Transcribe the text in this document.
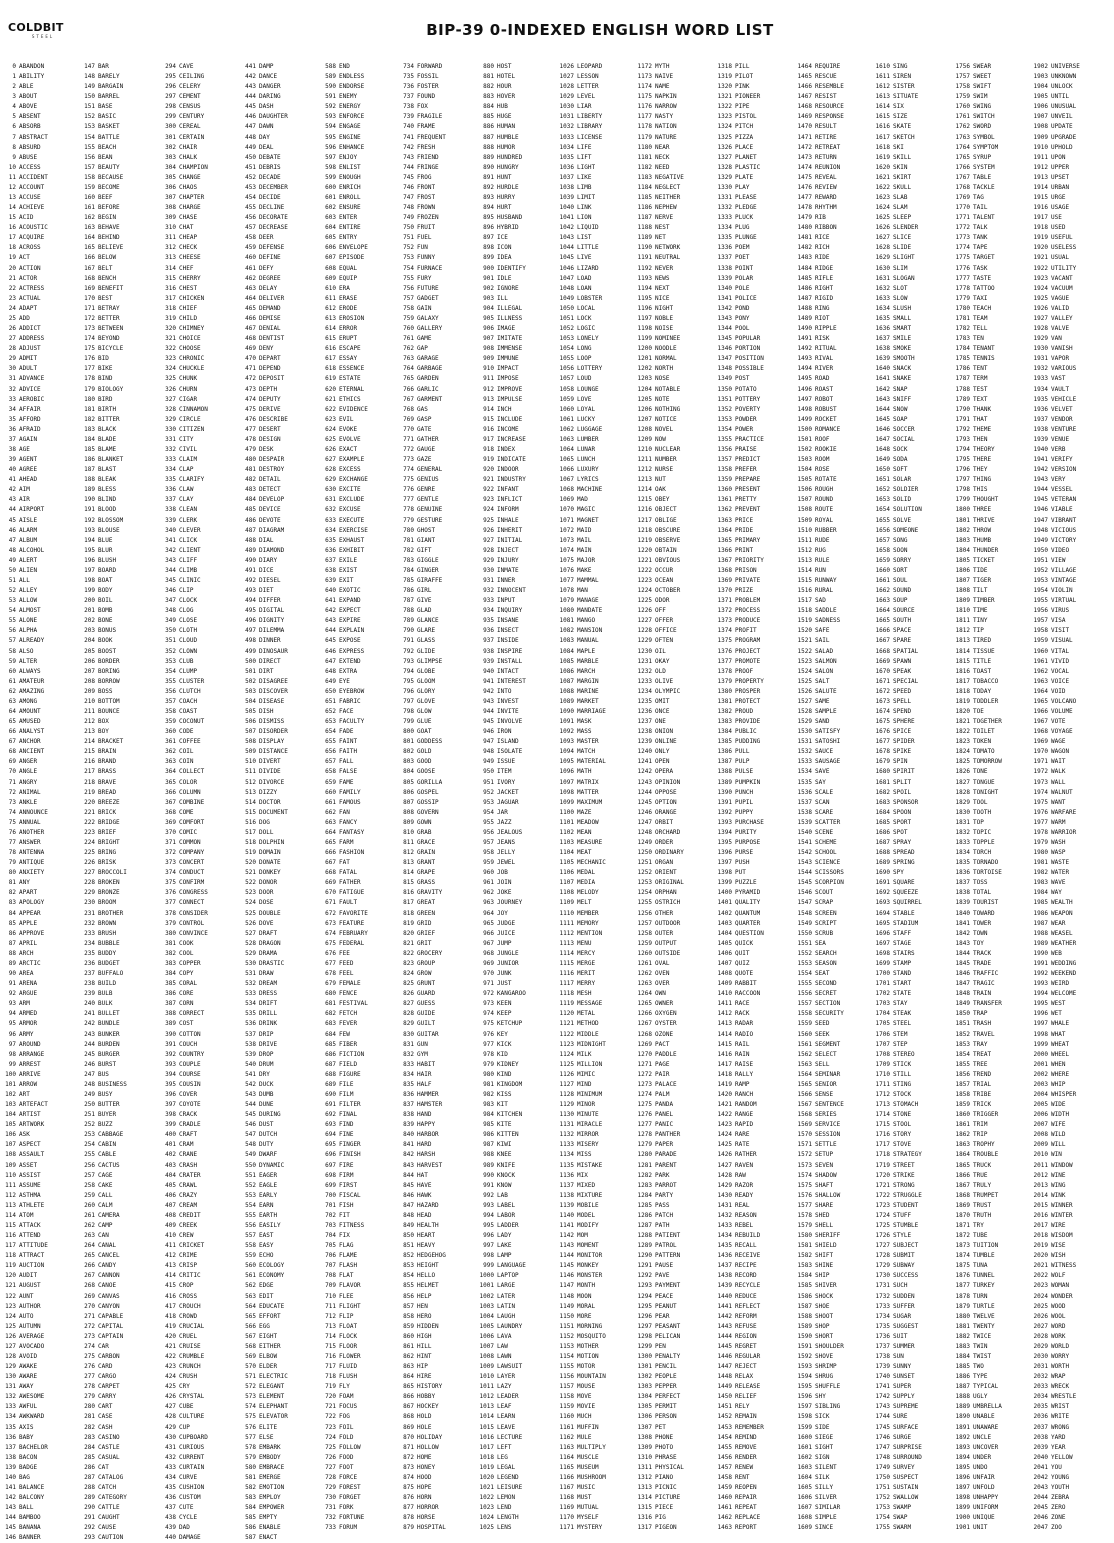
COLDBIT
STEEL	BIP-39 0-INDEXED ENGLISH WORD LIST
0 ABANDON
1 ABILITY
2 ABLE
3 ABOUT
4 ABOVE
5 ABSENT
6 ABSORB
7 ABSTRACT
8 ABSURD
9 ABUSE
10 ACCESS
11 ACCIDENT
12 ACCOUNT
13 ACCUSE
14 ACHIEVE
15 ACID
16 ACOUSTIC
17 ACQUIRE
18 ACROSS
19 ACT
20 ACTION
21 ACTOR
22 ACTRESS
23 ACTUAL
24 ADAPT
25 ADD
26 ADDICT
27 ADDRESS
28 ADJUST
29 ADMIT
30 ADULT
31 ADVANCE
32 ADVICE
33 AEROBIC
34 AFFAIR
35 AFFORD
36 AFRAID
37 AGAIN
38 AGE
39 AGENT
40 AGREE
41 AHEAD
42 AIM
43 AIR
44 AIRPORT
45 AISLE
46 ALARM
47 ALBUM
48 ALCOHOL
49 ALERT
50 ALIEN
51 ALL
52 ALLEY
53 ALLOW
54 ALMOST
55 ALONE
56 ALPHA
57 ALREADY
58 ALSO
59 ALTER
60 ALWAYS
61 AMATEUR
62 AMAZING
63 AMONG
64 AMOUNT
65 AMUSED
66 ANALYST
67 ANCHOR
68 ANCIENT
69 ANGER
70 ANGLE
71 ANGRY
72 ANIMAL
73 ANKLE
74 ANNOUNCE
75 ANNUAL
76 ANOTHER
77 ANSWER
78 ANTENNA
79 ANTIQUE
80 ANXIETY
81 ANY
82 APART
83 APOLOGY
84 APPEAR
85 APPLE
86 APPROVE
87 APRIL
88 ARCH
89 ARCTIC
90 AREA
91 ARENA
92 ARGUE
93 ARM
94 ARMED
95 ARMOR
96 ARMY
97 AROUND
98 ARRANGE
99 ARREST
100 ARRIVE
101 ARROW
102 ART
103 ARTEFACT
104 ARTIST
105 ARTWORK
106 ASK
107 ASPECT
108 ASSAULT
109 ASSET
110 ASSIST
111 ASSUME
112 ASTHMA
113 ATHLETE
114 ATOM
115 ATTACK
116 ATTEND
117 ATTITUDE
118 ATTRACT
119 AUCTION
120 AUDIT
121 AUGUST
122 AUNT
123 AUTHOR
124 AUTO
125 AUTUMN
126 AVERAGE
127 AVOCADO
128 AVOID
129 AWAKE
130 AWARE
131 AWAY
132 AWESOME
133 AWFUL
134 AWKWARD
135 AXIS
136 BABY
137 BACHELOR
138 BACON
139 BADGE
140 BAG
141 BALANCE
142 BALCONY
143 BALL
144 BAMBOO
145 BANANA
146 BANNER
147 BAR
148 BARELY
149 BARGAIN
150 BARREL
151 BASE
152 BASIC
153 BASKET
154 BATTLE
155 BEACH
156 BEAN
157 BEAUTY
158 BECAUSE
159 BECOME
160 BEEF
161 BEFORE
162 BEGIN
163 BEHAVE
164 BEHIND
165 BELIEVE
166 BELOW
167 BELT
168 BENCH
169 BENEFIT
170 BEST
171 BETRAY
172 BETTER
173 BETWEEN
174 BEYOND
175 BICYCLE
176 BID
177 BIKE
178 BIND
179 BIOLOGY
180 BIRD
181 BIRTH
182 BITTER
183 BLACK
184 BLADE
185 BLAME
186 BLANKET
187 BLAST
188 BLEAK
189 BLESS
190 BLIND
191 BLOOD
192 BLOSSOM
193 BLOUSE
194 BLUE
195 BLUR
196 BLUSH
197 BOARD
198 BOAT
199 BODY
200 BOIL
201 BOMB
202 BONE
203 BONUS
204 BOOK
205 BOOST
206 BORDER
207 BORING
208 BORROW
209 BOSS
210 BOTTOM
211 BOUNCE
212 BOX
213 BOY
214 BRACKET
215 BRAIN
216 BRAND
217 BRASS
218 BRAVE
219 BREAD
220 BREEZE
221 BRICK
222 BRIDGE
223 BRIEF
224 BRIGHT
225 BRING
226 BRISK
227 BROCCOLI
228 BROKEN
229 BRONZE
230 BROOM
231 BROTHER
232 BROWN
233 BRUSH
234 BUBBLE
235 BUDDY
236 BUDGET
237 BUFFALO
238 BUILD
239 BULB
240 BULK
241 BULLET
242 BUNDLE
243 BUNKER
244 BURDEN
245 BURGER
246 BURST
247 BUS
248 BUSINESS
249 BUSY
250 BUTTER
251 BUYER
252 BUZZ
253 CABBAGE
254 CABIN
255 CABLE
256 CACTUS
257 CAGE
258 CAKE
259 CALL
260 CALM
261 CAMERA
262 CAMP
263 CAN
264 CANAL
265 CANCEL
266 CANDY
267 CANNON
268 CANOE
269 CANVAS
270 CANYON
271 CAPABLE
272 CAPITAL
273 CAPTAIN
274 CAR
275 CARBON
276 CARD
277 CARGO
278 CARPET
279 CARRY
280 CART
281 CASE
282 CASH
283 CASINO
284 CASTLE
285 CASUAL
286 CAT
287 CATALOG
288 CATCH
289 CATEGORY
290 CATTLE
291 CAUGHT
292 CAUSE
293 CAUTION
294 CAVE
295 CEILING
296 CELERY
297 CEMENT
298 CENSUS
299 CENTURY
300 CEREAL
301 CERTAIN
302 CHAIR
303 CHALK
304 CHAMPION
305 CHANGE
306 CHAOS
307 CHAPTER
308 CHARGE
309 CHASE
310 CHAT
311 CHEAP
312 CHECK
313 CHEESE
314 CHEF
315 CHERRY
316 CHEST
317 CHICKEN
318 CHIEF
319 CHILD
320 CHIMNEY
321 CHOICE
322 CHOOSE
323 CHRONIC
324 CHUCKLE
325 CHUNK
326 CHURN
327 CIGAR
328 CINNAMON
329 CIRCLE
330 CITIZEN
331 CITY
332 CIVIL
333 CLAIM
334 CLAP
335 CLARIFY
336 CLAW
337 CLAY
338 CLEAN
339 CLERK
340 CLEVER
341 CLICK
342 CLIENT
343 CLIFF
344 CLIMB
345 CLINIC
346 CLIP
347 CLOCK
348 CLOG
349 CLOSE
350 CLOTH
351 CLOUD
352 CLOWN
353 CLUB
354 CLUMP
355 CLUSTER
356 CLUTCH
357 COACH
358 COAST
359 COCONUT
360 CODE
361 COFFEE
362 COIL
363 COIN
364 COLLECT
365 COLOR
366 COLUMN
367 COMBINE
368 COME
369 COMFORT
370 COMIC
371 COMMON
372 COMPANY
373 CONCERT
374 CONDUCT
375 CONFIRM
376 CONGRESS
377 CONNECT
378 CONSIDER
379 CONTROL
380 CONVINCE
381 COOK
382 COOL
383 COPPER
384 COPY
385 CORAL
386 CORE
387 CORN
388 CORRECT
389 COST
390 COTTON
391 COUCH
392 COUNTRY
393 COUPLE
394 COURSE
395 COUSIN
396 COVER
397 COYOTE
398 CRACK
399 CRADLE
400 CRAFT
401 CRAM
402 CRANE
403 CRASH
404 CRATER
405 CRAWL
406 CRAZY
407 CREAM
408 CREDIT
409 CREEK
410 CREW
411 CRICKET
412 CRIME
413 CRISP
414 CRITIC
415 CROP
416 CROSS
417 CROUCH
418 CROWD
419 CRUCIAL
420 CRUEL
421 CRUISE
422 CRUMBLE
423 CRUNCH
424 CRUSH
425 CRY
426 CRYSTAL
427 CUBE
428 CULTURE
429 CUP
430 CUPBOARD
431 CURIOUS
432 CURRENT
433 CURTAIN
434 CURVE
435 CUSHION
436 CUSTOM
437 CUTE
438 CYCLE
439 DAD
440 DAMAGE
441 DAMP
442 DANCE
443 DANGER
444 DARING
445 DASH
446 DAUGHTER
447 DAWN
448 DAY
449 DEAL
450 DEBATE
451 DEBRIS
452 DECADE
453 DECEMBER
454 DECIDE
455 DECLINE
456 DECORATE
457 DECREASE
458 DEER
459 DEFENSE
460 DEFINE
461 DEFY
462 DEGREE
463 DELAY
464 DELIVER
465 DEMAND
466 DEMISE
467 DENIAL
468 DENTIST
469 DENY
470 DEPART
471 DEPEND
472 DEPOSIT
473 DEPTH
474 DEPUTY
475 DERIVE
476 DESCRIBE
477 DESERT
478 DESIGN
479 DESK
480 DESPAIR
481 DESTROY
482 DETAIL
483 DETECT
484 DEVELOP
485 DEVICE
486 DEVOTE
487 DIAGRAM
488 DIAL
489 DIAMOND
490 DIARY
491 DICE
492 DIESEL
493 DIET
494 DIFFER
495 DIGITAL
496 DIGNITY
497 DILEMMA
498 DINNER
499 DINOSAUR
500 DIRECT
501 DIRT
502 DISAGREE
503 DISCOVER
504 DISEASE
505 DISH
506 DISMISS
507 DISORDER
508 DISPLAY
509 DISTANCE
510 DIVERT
511 DIVIDE
512 DIVORCE
513 DIZZY
514 DOCTOR
515 DOCUMENT
516 DOG
517 DOLL
518 DOLPHIN
519 DOMAIN
520 DONATE
521 DONKEY
522 DONOR
523 DOOR
524 DOSE
525 DOUBLE
526 DOVE
527 DRAFT
528 DRAGON
529 DRAMA
530 DRASTIC
531 DRAW
532 DREAM
533 DRESS
534 DRIFT
535 DRILL
536 DRINK
537 DRIP
538 DRIVE
539 DROP
540 DRUM
541 DRY
542 DUCK
543 DUMB
544 DUNE
545 DURING
546 DUST
547 DUTCH
548 DUTY
549 DWARF
550 DYNAMIC
551 EAGER
552 EAGLE
553 EARLY
554 EARN
555 EARTH
556 EASILY
557 EAST
558 EASY
559 ECHO
560 ECOLOGY
561 ECONOMY
562 EDGE
563 EDIT
564 EDUCATE
565 EFFORT
566 EGG
567 EIGHT
568 EITHER
569 ELBOW
570 ELDER
571 ELECTRIC
572 ELEGANT
573 ELEMENT
574 ELEPHANT
575 ELEVATOR
576 ELITE
577 ELSE
578 EMBARK
579 EMBODY
580 EMBRACE
581 EMERGE
582 EMOTION
583 EMPLOY
584 EMPOWER
585 EMPTY
586 ENABLE
587 ENACT
588 END
589 ENDLESS
590 ENDORSE
591 ENEMY
592 ENERGY
593 ENFORCE
594 ENGAGE
595 ENGINE
596 ENHANCE
597 ENJOY
598 ENLIST
599 ENOUGH
600 ENRICH
601 ENROLL
602 ENSURE
603 ENTER
604 ENTIRE
605 ENTRY
606 ENVELOPE
607 EPISODE
608 EQUAL
609 EQUIP
610 ERA
611 ERASE
612 ERODE
613 EROSION
614 ERROR
615 ERUPT
616 ESCAPE
617 ESSAY
618 ESSENCE
619 ESTATE
620 ETERNAL
621 ETHICS
622 EVIDENCE
623 EVIL
624 EVOKE
625 EVOLVE
626 EXACT
627 EXAMPLE
628 EXCESS
629 EXCHANGE
630 EXCITE
631 EXCLUDE
632 EXCUSE
633 EXECUTE
634 EXERCISE
635 EXHAUST
636 EXHIBIT
637 EXILE
638 EXIST
639 EXIT
640 EXOTIC
641 EXPAND
642 EXPECT
643 EXPIRE
644 EXPLAIN
645 EXPOSE
646 EXPRESS
647 EXTEND
648 EXTRA
649 EYE
650 EYEBROW
651 FABRIC
652 FACE
653 FACULTY
654 FADE
655 FAINT
656 FAITH
657 FALL
658 FALSE
659 FAME
660 FAMILY
661 FAMOUS
662 FAN
663 FANCY
664 FANTASY
665 FARM
666 FASHION
667 FAT
668 FATAL
669 FATHER
670 FATIGUE
671 FAULT
672 FAVORITE
673 FEATURE
674 FEBRUARY
675 FEDERAL
676 FEE
677 FEED
678 FEEL
679 FEMALE
680 FENCE
681 FESTIVAL
682 FETCH
683 FEVER
684 FEW
685 FIBER
686 FICTION
687 FIELD
688 FIGURE
689 FILE
690 FILM
691 FILTER
692 FINAL
693 FIND
694 FINE
695 FINGER
696 FINISH
697 FIRE
698 FIRM
699 FIRST
700 FISCAL
701 FISH
702 FIT
703 FITNESS
704 FIX
705 FLAG
706 FLAME
707 FLASH
708 FLAT
709 FLAVOR
710 FLEE
711 FLIGHT
712 FLIP
713 FLOAT
714 FLOCK
715 FLOOR
716 FLOWER
717 FLUID
718 FLUSH
719 FLY
720 FOAM
721 FOCUS
722 FOG
723 FOIL
724 FOLD
725 FOLLOW
726 FOOD
727 FOOT
728 FORCE
729 FOREST
730 FORGET
731 FORK
732 FORTUNE
733 FORUM
734 FORWARD
735 FOSSIL
736 FOSTER
737 FOUND
738 FOX
739 FRAGILE
740 FRAME
741 FREQUENT
742 FRESH
743 FRIEND
744 FRINGE
745 FROG
746 FRONT
747 FROST
748 FROWN
749 FROZEN
750 FRUIT
751 FUEL
752 FUN
753 FUNNY
754 FURNACE
755 FURY
756 FUTURE
757 GADGET
758 GAIN
759 GALAXY
760 GALLERY
761 GAME
762 GAP
763 GARAGE
764 GARBAGE
765 GARDEN
766 GARLIC
767 GARMENT
768 GAS
769 GASP
770 GATE
771 GATHER
772 GAUGE
773 GAZE
774 GENERAL
775 GENIUS
776 GENRE
777 GENTLE
778 GENUINE
779 GESTURE
780 GHOST
781 GIANT
782 GIFT
783 GIGGLE
784 GINGER
785 GIRAFFE
786 GIRL
787 GIVE
788 GLAD
789 GLANCE
790 GLARE
791 GLASS
792 GLIDE
793 GLIMPSE
794 GLOBE
795 GLOOM
796 GLORY
797 GLOVE
798 GLOW
799 GLUE
800 GOAT
801 GODDESS
802 GOLD
803 GOOD
804 GOOSE
805 GORILLA
806 GOSPEL
807 GOSSIP
808 GOVERN
809 GOWN
810 GRAB
811 GRACE
812 GRAIN
813 GRANT
814 GRAPE
815 GRASS
816 GRAVITY
817 GREAT
818 GREEN
819 GRID
820 GRIEF
821 GRIT
822 GROCERY
823 GROUP
824 GROW
825 GRUNT
826 GUARD
827 GUESS
828 GUIDE
829 GUILT
830 GUITAR
831 GUN
832 GYM
833 HABIT
834 HAIR
835 HALF
836 HAMMER
837 HAMSTER
838 HAND
839 HAPPY
840 HARBOR
841 HARD
842 HARSH
843 HARVEST
844 HAT
845 HAVE
846 HAWK
847 HAZARD
848 HEAD
849 HEALTH
850 HEART
851 HEAVY
852 HEDGEHOG
853 HEIGHT
854 HELLO
855 HELMET
856 HELP
857 HEN
858 HERO
859 HIDDEN
860 HIGH
861 HILL
862 HINT
863 HIP
864 HIRE
865 HISTORY
866 HOBBY
867 HOCKEY
868 HOLD
869 HOLE
870 HOLIDAY
871 HOLLOW
872 HOME
873 HONEY
874 HOOD
875 HOPE
876 HORN
877 HORROR
878 HORSE
879 HOSPITAL
880 HOST
881 HOTEL
882 HOUR
883 HOVER
884 HUB
885 HUGE
886 HUMAN
887 HUMBLE
888 HUMOR
889 HUNDRED
890 HUNGRY
891 HUNT
892 HURDLE
893 HURRY
894 HURT
895 HUSBAND
896 HYBRID
897 ICE
898 ICON
899 IDEA
900 IDENTIFY
901 IDLE
902 IGNORE
903 ILL
904 ILLEGAL
905 ILLNESS
906 IMAGE
907 IMITATE
908 IMMENSE
909 IMMUNE
910 IMPACT
911 IMPOSE
912 IMPROVE
913 IMPULSE
914 INCH
915 INCLUDE
916 INCOME
917 INCREASE
918 INDEX
919 INDICATE
920 INDOOR
921 INDUSTRY
922 INFANT
923 INFLICT
924 INFORM
925 INHALE
926 INHERIT
927 INITIAL
928 INJECT
929 INJURY
930 INMATE
931 INNER
932 INNOCENT
933 INPUT
934 INQUIRY
935 INSANE
936 INSECT
937 INSIDE
938 INSPIRE
939 INSTALL
940 INTACT
941 INTEREST
942 INTO
943 INVEST
944 INVITE
945 INVOLVE
946 IRON
947 ISLAND
948 ISOLATE
949 ISSUE
950 ITEM
951 IVORY
952 JACKET
953 JAGUAR
954 JAR
955 JAZZ
956 JEALOUS
957 JEANS
958 JELLY
959 JEWEL
960 JOB
961 JOIN
962 JOKE
963 JOURNEY
964 JOY
965 JUDGE
966 JUICE
967 JUMP
968 JUNGLE
969 JUNIOR
970 JUNK
971 JUST
972 KANGAROO
973 KEEN
974 KEEP
975 KETCHUP
976 KEY
977 KICK
978 KID
979 KIDNEY
980 KIND
981 KINGDOM
982 KISS
983 KIT
984 KITCHEN
985 KITE
986 KITTEN
987 KIWI
988 KNEE
989 KNIFE
990 KNOCK
991 KNOW
992 LAB
993 LABEL
994 LABOR
995 LADDER
996 LADY
997 LAKE
998 LAMP
999 LANGUAGE
1000 LAPTOP
1001 LARGE
1002 LATER
1003 LATIN
1004 LAUGH
1005 LAUNDRY
1006 LAVA
1007 LAW
1008 LAWN
1009 LAWSUIT
1010 LAYER
1011 LAZY
1012 LEADER
1013 LEAF
1014 LEARN
1015 LEAVE
1016 LECTURE
1017 LEFT
1018 LEG
1019 LEGAL
1020 LEGEND
1021 LEISURE
1022 LEMON
1023 LEND
1024 LENGTH
1025 LENS
1026 LEOPARD
1027 LESSON
1028 LETTER
1029 LEVEL
1030 LIAR
1031 LIBERTY
1032 LIBRARY
1033 LICENSE
1034 LIFE
1035 LIFT
1036 LIGHT
1037 LIKE
1038 LIMB
1039 LIMIT
1040 LINK
1041 LION
1042 LIQUID
1043 LIST
1044 LITTLE
1045 LIVE
1046 LIZARD
1047 LOAD
1048 LOAN
1049 LOBSTER
1050 LOCAL
1051 LOCK
1052 LOGIC
1053 LONELY
1054 LONG
1055 LOOP
1056 LOTTERY
1057 LOUD
1058 LOUNGE
1059 LOVE
1060 LOYAL
1061 LUCKY
1062 LUGGAGE
1063 LUMBER
1064 LUNAR
1065 LUNCH
1066 LUXURY
1067 LYRICS
1068 MACHINE
1069 MAD
1070 MAGIC
1071 MAGNET
1072 MAID
1073 MAIL
1074 MAIN
1075 MAJOR
1076 MAKE
1077 MAMMAL
1078 MAN
1079 MANAGE
1080 MANDATE
1081 MANGO
1082 MANSION
1083 MANUAL
1084 MAPLE
1085 MARBLE
1086 MARCH
1087 MARGIN
1088 MARINE
1089 MARKET
1090 MARRIAGE
1091 MASK
1092 MASS
1093 MASTER
1094 MATCH
1095 MATERIAL
1096 MATH
1097 MATRIX
1098 MATTER
1099 MAXIMUM
1100 MAZE
1101 MEADOW
1102 MEAN
1103 MEASURE
1104 MEAT
1105 MECHANIC
1106 MEDAL
1107 MEDIA
1108 MELODY
1109 MELT
1110 MEMBER
1111 MEMORY
1112 MENTION
1113 MENU
1114 MERCY
1115 MERGE
1116 MERIT
1117 MERRY
1118 MESH
1119 MESSAGE
1120 METAL
1121 METHOD
1122 MIDDLE
1123 MIDNIGHT
1124 MILK
1125 MILLION
1126 MIMIC
1127 MIND
1128 MINIMUM
1129 MINOR
1130 MINUTE
1131 MIRACLE
1132 MIRROR
1133 MISERY
1134 MISS
1135 MISTAKE
1136 MIX
1137 MIXED
1138 MIXTURE
1139 MOBILE
1140 MODEL
1141 MODIFY
1142 MOM
1143 MOMENT
1144 MONITOR
1145 MONKEY
1146 MONSTER
1147 MONTH
1148 MOON
1149 MORAL
1150 MORE
1151 MORNING
1152 MOSQUITO
1153 MOTHER
1154 MOTION
1155 MOTOR
1156 MOUNTAIN
1157 MOUSE
1158 MOVE
1159 MOVIE
1160 MUCH
1161 MUFFIN
1162 MULE
1163 MULTIPLY
1164 MUSCLE
1165 MUSEUM
1166 MUSHROOM
1167 MUSIC
1168 MUST
1169 MUTUAL
1170 MYSELF
1171 MYSTERY
1172 MYTH
1173 NAIVE
1174 NAME
1175 NAPKIN
1176 NARROW
1177 NASTY
1178 NATION
1179 NATURE
1180 NEAR
1181 NECK
1182 NEED
1183 NEGATIVE
1184 NEGLECT
1185 NEITHER
1186 NEPHEW
1187 NERVE
1188 NEST
1189 NET
1190 NETWORK
1191 NEUTRAL
1192 NEVER
1193 NEWS
1194 NEXT
1195 NICE
1196 NIGHT
1197 NOBLE
1198 NOISE
1199 NOMINEE
1200 NOODLE
1201 NORMAL
1202 NORTH
1203 NOSE
1204 NOTABLE
1205 NOTE
1206 NOTHING
1207 NOTICE
1208 NOVEL
1209 NOW
1210 NUCLEAR
1211 NUMBER
1212 NURSE
1213 NUT
1214 OAK
1215 OBEY
1216 OBJECT
1217 OBLIGE
1218 OBSCURE
1219 OBSERVE
1220 OBTAIN
1221 OBVIOUS
1222 OCCUR
1223 OCEAN
1224 OCTOBER
1225 ODOR
1226 OFF
1227 OFFER
1228 OFFICE
1229 OFTEN
1230 OIL
1231 OKAY
1232 OLD
1233 OLIVE
1234 OLYMPIC
1235 OMIT
1236 ONCE
1237 ONE
1238 ONION
1239 ONLINE
1240 ONLY
1241 OPEN
1242 OPERA
1243 OPINION
1244 OPPOSE
1245 OPTION
1246 ORANGE
1247 ORBIT
1248 ORCHARD
1249 ORDER
1250 ORDINARY
1251 ORGAN
1252 ORIENT
1253 ORIGINAL
1254 ORPHAN
1255 OSTRICH
1256 OTHER
1257 OUTDOOR
1258 OUTER
1259 OUTPUT
1260 OUTSIDE
1261 OVAL
1262 OVEN
1263 OVER
1264 OWN
1265 OWNER
1266 OXYGEN
1267 OYSTER
1268 OZONE
1269 PACT
1270 PADDLE
1271 PAGE
1272 PAIR
1273 PALACE
1274 PALM
1275 PANDA
1276 PANEL
1277 PANIC
1278 PANTHER
1279 PAPER
1280 PARADE
1281 PARENT
1282 PARK
1283 PARROT
1284 PARTY
1285 PASS
1286 PATCH
1287 PATH
1288 PATIENT
1289 PATROL
1290 PATTERN
1291 PAUSE
1292 PAVE
1293 PAYMENT
1294 PEACE
1295 PEANUT
1296 PEAR
1297 PEASANT
1298 PELICAN
1299 PEN
1300 PENALTY
1301 PENCIL
1302 PEOPLE
1303 PEPPER
1304 PERFECT
1305 PERMIT
1306 PERSON
1307 PET
1308 PHONE
1309 PHOTO
1310 PHRASE
1311 PHYSICAL
1312 PIANO
1313 PICNIC
1314 PICTURE
1315 PIECE
1316 PIG
1317 PIGEON
1318 PILL
1319 PILOT
1320 PINK
1321 PIONEER
1322 PIPE
1323 PISTOL
1324 PITCH
1325 PIZZA
1326 PLACE
1327 PLANET
1328 PLASTIC
1329 PLATE
1330 PLAY
1331 PLEASE
1332 PLEDGE
1333 PLUCK
1334 PLUG
1335 PLUNGE
1336 POEM
1337 POET
1338 POINT
1339 POLAR
1340 POLE
1341 POLICE
1342 POND
1343 PONY
1344 POOL
1345 POPULAR
1346 PORTION
1347 POSITION
1348 POSSIBLE
1349 POST
1350 POTATO
1351 POTTERY
1352 POVERTY
1353 POWDER
1354 POWER
1355 PRACTICE
1356 PRAISE
1357 PREDICT
1358 PREFER
1359 PREPARE
1360 PRESENT
1361 PRETTY
1362 PREVENT
1363 PRICE
1364 PRIDE
1365 PRIMARY
1366 PRINT
1367 PRIORITY
1368 PRISON
1369 PRIVATE
1370 PRIZE
1371 PROBLEM
1372 PROCESS
1373 PRODUCE
1374 PROFIT
1375 PROGRAM
1376 PROJECT
1377 PROMOTE
1378 PROOF
1379 PROPERTY
1380 PROSPER
1381 PROTECT
1382 PROUD
1383 PROVIDE
1384 PUBLIC
1385 PUDDING
1386 PULL
1387 PULP
1388 PULSE
1389 PUMPKIN
1390 PUNCH
1391 PUPIL
1392 PUPPY
1393 PURCHASE
1394 PURITY
1395 PURPOSE
1396 PURSE
1397 PUSH
1398 PUT
1399 PUZZLE
1400 PYRAMID
1401 QUALITY
1402 QUANTUM
1403 QUARTER
1404 QUESTION
1405 QUICK
1406 QUIT
1407 QUIZ
1408 QUOTE
1409 RABBIT
1410 RACCOON
1411 RACE
1412 RACK
1413 RADAR
1414 RADIO
1415 RAIL
1416 RAIN
1417 RAISE
1418 RALLY
1419 RAMP
1420 RANCH
1421 RANDOM
1422 RANGE
1423 RAPID
1424 RARE
1425 RATE
1426 RATHER
1427 RAVEN
1428 RAW
1429 RAZOR
1430 READY
1431 REAL
1432 REASON
1433 REBEL
1434 REBUILD
1435 RECALL
1436 RECEIVE
1437 RECIPE
1438 RECORD
1439 RECYCLE
1440 REDUCE
1441 REFLECT
1442 REFORM
1443 REFUSE
1444 REGION
1445 REGRET
1446 REGULAR
1447 REJECT
1448 RELAX
1449 RELEASE
1450 RELIEF
1451 RELY
1452 REMAIN
1453 REMEMBER
1454 REMIND
1455 REMOVE
1456 RENDER
1457 RENEW
1458 RENT
1459 REOPEN
1460 REPAIR
1461 REPEAT
1462 REPLACE
1463 REPORT
1464 REQUIRE
1465 RESCUE
1466 RESEMBLE
1467 RESIST
1468 RESOURCE
1469 RESPONSE
1470 RESULT
1471 RETIRE
1472 RETREAT
1473 RETURN
1474 REUNION
1475 REVEAL
1476 REVIEW
1477 REWARD
1478 RHYTHM
1479 RIB
1480 RIBBON
1481 RICE
1482 RICH
1483 RIDE
1484 RIDGE
1485 RIFLE
1486 RIGHT
1487 RIGID
1488 RING
1489 RIOT
1490 RIPPLE
1491 RISK
1492 RITUAL
1493 RIVAL
1494 RIVER
1495 ROAD
1496 ROAST
1497 ROBOT
1498 ROBUST
1499 ROCKET
1500 ROMANCE
1501 ROOF
1502 ROOKIE
1503 ROOM
1504 ROSE
1505 ROTATE
1506 ROUGH
1507 ROUND
1508 ROUTE
1509 ROYAL
1510 RUBBER
1511 RUDE
1512 RUG
1513 RULE
1514 RUN
1515 RUNWAY
1516 RURAL
1517 SAD
1518 SADDLE
1519 SADNESS
1520 SAFE
1521 SAIL
1522 SALAD
1523 SALMON
1524 SALON
1525 SALT
1526 SALUTE
1527 SAME
1528 SAMPLE
1529 SAND
1530 SATISFY
1531 SATOSHI
1532 SAUCE
1533 SAUSAGE
1534 SAVE
1535 SAY
1536 SCALE
1537 SCAN
1538 SCARE
1539 SCATTER
1540 SCENE
1541 SCHEME
1542 SCHOOL
1543 SCIENCE
1544 SCISSORS
1545 SCORPION
1546 SCOUT
1547 SCRAP
1548 SCREEN
1549 SCRIPT
1550 SCRUB
1551 SEA
1552 SEARCH
1553 SEASON
1554 SEAT
1555 SECOND
1556 SECRET
1557 SECTION
1558 SECURITY
1559 SEED
1560 SEEK
1561 SEGMENT
1562 SELECT
1563 SELL
1564 SEMINAR
1565 SENIOR
1566 SENSE
1567 SENTENCE
1568 SERIES
1569 SERVICE
1570 SESSION
1571 SETTLE
1572 SETUP
1573 SEVEN
1574 SHADOW
1575 SHAFT
1576 SHALLOW
1577 SHARE
1578 SHED
1579 SHELL
1580 SHERIFF
1581 SHIELD
1582 SHIFT
1583 SHINE
1584 SHIP
1585 SHIVER
1586 SHOCK
1587 SHOE
1588 SHOOT
1589 SHOP
1590 SHORT
1591 SHOULDER
1592 SHOVE
1593 SHRIMP
1594 SHRUG
1595 SHUFFLE
1596 SHY
1597 SIBLING
1598 SICK
1599 SIDE
1600 SIEGE
1601 SIGHT
1602 SIGN
1603 SILENT
1604 SILK
1605 SILLY
1606 SILVER
1607 SIMILAR
1608 SIMPLE
1609 SINCE
1610 SING
1611 SIREN
1612 SISTER
1613 SITUATE
1614 SIX
1615 SIZE
1616 SKATE
1617 SKETCH
1618 SKI
1619 SKILL
1620 SKIN
1621 SKIRT
1622 SKULL
1623 SLAB
1624 SLAM
1625 SLEEP
1626 SLENDER
1627 SLICE
1628 SLIDE
1629 SLIGHT
1630 SLIM
1631 SLOGAN
1632 SLOT
1633 SLOW
1634 SLUSH
1635 SMALL
1636 SMART
1637 SMILE
1638 SMOKE
1639 SMOOTH
1640 SNACK
1641 SNAKE
1642 SNAP
1643 SNIFF
1644 SNOW
1645 SOAP
1646 SOCCER
1647 SOCIAL
1648 SOCK
1649 SODA
1650 SOFT
1651 SOLAR
1652 SOLDIER
1653 SOLID
1654 SOLUTION
1655 SOLVE
1656 SOMEONE
1657 SONG
1658 SOON
1659 SORRY
1660 SORT
1661 SOUL
1662 SOUND
1663 SOUP
1664 SOURCE
1665 SOUTH
1666 SPACE
1667 SPARE
1668 SPATIAL
1669 SPAWN
1670 SPEAK
1671 SPECIAL
1672 SPEED
1673 SPELL
1674 SPEND
1675 SPHERE
1676 SPICE
1677 SPIDER
1678 SPIKE
1679 SPIN
1680 SPIRIT
1681 SPLIT
1682 SPOIL
1683 SPONSOR
1684 SPOON
1685 SPORT
1686 SPOT
1687 SPRAY
1688 SPREAD
1689 SPRING
1690 SPY
1691 SQUARE
1692 SQUEEZE
1693 SQUIRREL
1694 STABLE
1695 STADIUM
1696 STAFF
1697 STAGE
1698 STAIRS
1699 STAMP
1700 STAND
1701 START
1702 STATE
1703 STAY
1704 STEAK
1705 STEEL
1706 STEM
1707 STEP
1708 STEREO
1709 STICK
1710 STILL
1711 STING
1712 STOCK
1713 STOMACH
1714 STONE
1715 STOOL
1716 STORY
1717 STOVE
1718 STRATEGY
1719 STREET
1720 STRIKE
1721 STRONG
1722 STRUGGLE
1723 STUDENT
1724 STUFF
1725 STUMBLE
1726 STYLE
1727 SUBJECT
1728 SUBMIT
1729 SUBWAY
1730 SUCCESS
1731 SUCH
1732 SUDDEN
1733 SUFFER
1734 SUGAR
1735 SUGGEST
1736 SUIT
1737 SUMMER
1738 SUN
1739 SUNNY
1740 SUNSET
1741 SUPER
1742 SUPPLY
1743 SUPREME
1744 SURE
1745 SURFACE
1746 SURGE
1747 SURPRISE
1748 SURROUND
1749 SURVEY
1750 SUSPECT
1751 SUSTAIN
1752 SWALLOW
1753 SWAMP
1754 SWAP
1755 SWARM
1756 SWEAR
1757 SWEET
1758 SWIFT
1759 SWIM
1760 SWING
1761 SWITCH
1762 SWORD
1763 SYMBOL
1764 SYMPTOM
1765 SYRUP
1766 SYSTEM
1767 TABLE
1768 TACKLE
1769 TAG
1770 TAIL
1771 TALENT
1772 TALK
1773 TANK
1774 TAPE
1775 TARGET
1776 TASK
1777 TASTE
1778 TATTOO
1779 TAXI
1780 TEACH
1781 TEAM
1782 TELL
1783 TEN
1784 TENANT
1785 TENNIS
1786 TENT
1787 TERM
1788 TEST
1789 TEXT
1790 THANK
1791 THAT
1792 THEME
1793 THEN
1794 THEORY
1795 THERE
1796 THEY
1797 THING
1798 THIS
1799 THOUGHT
1800 THREE
1801 THRIVE
1802 THROW
1803 THUMB
1804 THUNDER
1805 TICKET
1806 TIDE
1807 TIGER
1808 TILT
1809 TIMBER
1810 TIME
1811 TINY
1812 TIP
1813 TIRED
1814 TISSUE
1815 TITLE
1816 TOAST
1817 TOBACCO
1818 TODAY
1819 TODDLER
1820 TOE
1821 TOGETHER
1822 TOILET
1823 TOKEN
1824 TOMATO
1825 TOMORROW
1826 TONE
1827 TONGUE
1828 TONIGHT
1829 TOOL
1830 TOOTH
1831 TOP
1832 TOPIC
1833 TOPPLE
1834 TORCH
1835 TORNADO
1836 TORTOISE
1837 TOSS
1838 TOTAL
1839 TOURIST
1840 TOWARD
1841 TOWER
1842 TOWN
1843 TOY
1844 TRACK
1845 TRADE
1846 TRAFFIC
1847 TRAGIC
1848 TRAIN
1849 TRANSFER
1850 TRAP
1851 TRASH
1852 TRAVEL
1853 TRAY
1854 TREAT
1855 TREE
1856 TREND
1857 TRIAL
1858 TRIBE
1859 TRICK
1860 TRIGGER
1861 TRIM
1862 TRIP
1863 TROPHY
1864 TROUBLE
1865 TRUCK
1866 TRUE
1867 TRULY
1868 TRUMPET
1869 TRUST
1870 TRUTH
1871 TRY
1872 TUBE
1873 TUITION
1874 TUMBLE
1875 TUNA
1876 TUNNEL
1877 TURKEY
1878 TURN
1879 TURTLE
1880 TWELVE
1881 TWENTY
1882 TWICE
1883 TWIN
1884 TWIST
1885 TWO
1886 TYPE
1887 TYPICAL
1888 UGLY
1889 UMBRELLA
1890 UNABLE
1891 UNAWARE
1892 UNCLE
1893 UNCOVER
1894 UNDER
1895 UNDO
1896 UNFAIR
1897 UNFOLD
1898 UNHAPPY
1899 UNIFORM
1900 UNIQUE
1901 UNIT
1902 UNIVERSE
1903 UNKNOWN
1904 UNLOCK
1905 UNTIL
1906 UNUSUAL
1907 UNVEIL
1908 UPDATE
1909 UPGRADE
1910 UPHOLD
1911 UPON
1912 UPPER
1913 UPSET
1914 URBAN
1915 URGE
1916 USAGE
1917 USE
1918 USED
1919 USEFUL
1920 USELESS
1921 USUAL
1922 UTILITY
1923 VACANT
1924 VACUUM
1925 VAGUE
1926 VALID
1927 VALLEY
1928 VALVE
1929 VAN
1930 VANISH
1931 VAPOR
1932 VARIOUS
1933 VAST
1934 VAULT
1935 VEHICLE
1936 VELVET
1937 VENDOR
1938 VENTURE
1939 VENUE
1940 VERB
1941 VERIFY
1942 VERSION
1943 VERY
1944 VESSEL
1945 VETERAN
1946 VIABLE
1947 VIBRANT
1948 VICIOUS
1949 VICTORY
1950 VIDEO
1951 VIEW
1952 VILLAGE
1953 VINTAGE
1954 VIOLIN
1955 VIRTUAL
1956 VIRUS
1957 VISA
1958 VISIT
1959 VISUAL
1960 VITAL
1961 VIVID
1962 VOCAL
1963 VOICE
1964 VOID
1965 VOLCANO
1966 VOLUME
1967 VOTE
1968 VOYAGE
1969 WAGE
1970 WAGON
1971 WAIT
1972 WALK
1973 WALL
1974 WALNUT
1975 WANT
1976 WARFARE
1977 WARM
1978 WARRIOR
1979 WASH
1980 WASP
1981 WASTE
1982 WATER
1983 WAVE
1984 WAY
1985 WEALTH
1986 WEAPON
1987 WEAR
1988 WEASEL
1989 WEATHER
1990 WEB
1991 WEDDING
1992 WEEKEND
1993 WEIRD
1994 WELCOME
1995 WEST
1996 WET
1997 WHALE
1998 WHAT
1999 WHEAT
2000 WHEEL
2001 WHEN
2002 WHERE
2003 WHIP
2004 WHISPER
2005 WIDE
2006 WIDTH
2007 WIFE
2008 WILD
2009 WILL
2010 WIN
2011 WINDOW
2012 WINE
2013 WING
2014 WINK
2015 WINNER
2016 WINTER
2017 WIRE
2018 WISDOM
2019 WISE
2020 WISH
2021 WITNESS
2022 WOLF
2023 WOMAN
2024 WONDER
2025 WOOD
2026 WOOL
2027 WORD
2028 WORK
2029 WORLD
2030 WORRY
2031 WORTH
2032 WRAP
2033 WRECK
2034 WRESTLE
2035 WRIST
2036 WRITE
2037 WRONG
2038 YARD
2039 YEAR
2040 YELLOW
2041 YOU
2042 YOUNG
2043 YOUTH
2044 ZEBRA
2045 ZERO
2046 ZONE
2047 ZOO
